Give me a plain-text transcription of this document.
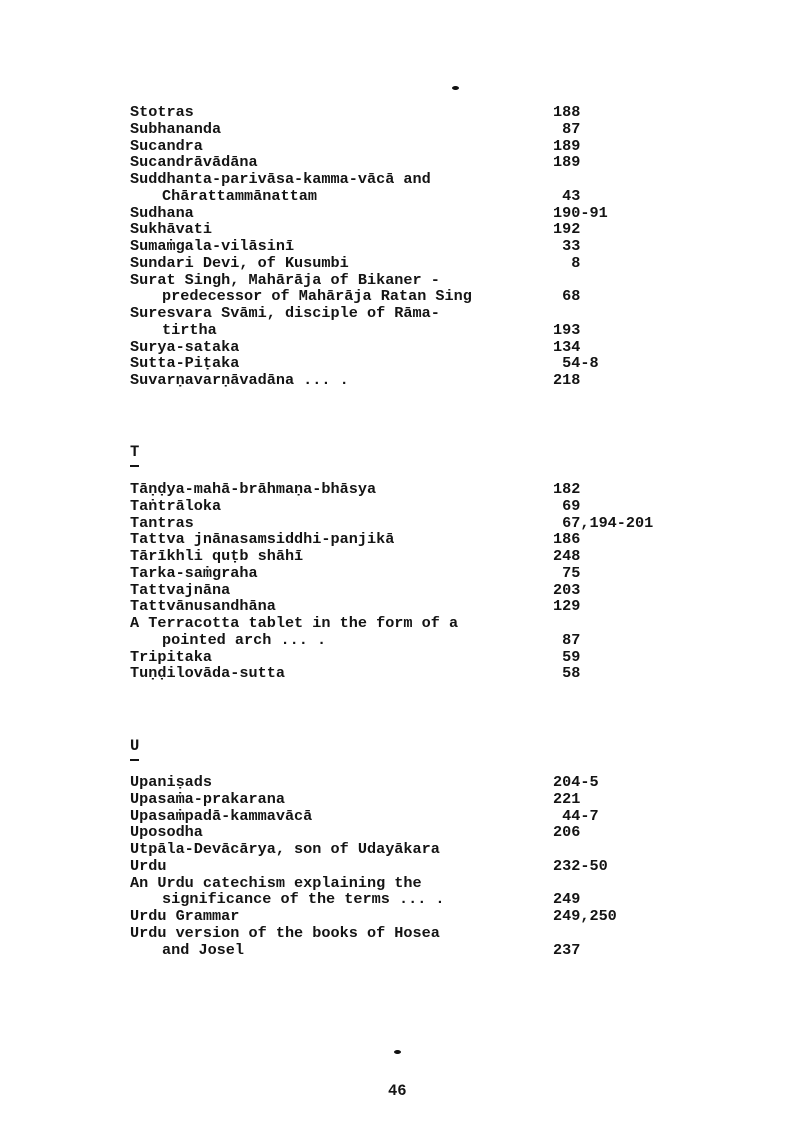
Stotras	188
Subhananda	87
Sucandra	189
Sucandrāvādāna	189
Suddhanta-parivāsa-kamma-vācā and
Chārattammānattam	43
Sudhana	190-91
Sukhāvati	192
Sumaṁgala-vilāsinī	33
Sundari Devi, of Kusumbi	8
Surat Singh, Mahārāja of Bikaner -
predecessor of Mahārāja Ratan Sing	68
Suresvara Svāmi, disciple of Rāma-
tirtha	193
Surya-sataka	134
Sutta-Piṭaka	54-8
Suvarṇavarṇāvadāna ... .	218
T
Tāṇḍya-mahā-brāhmaṇa-bhāsya	182
Taṅtrāloka	69
Tantras	67,194-201
Tattva jnānasamsiddhi-panjikā	186
Tārīkhli quṭb shāhī	248
Tarka-saṁgraha	75
Tattvajnāna	203
Tattvānusandhāna	129
A Terracotta tablet in the form of a
pointed arch ... .	87
Tripitaka	59
Tuṇḍilovāda-sutta	58
U
Upaniṣads	204-5
Upasaṁa-prakarana	221
Upasaṁpadā-kammavācā	44-7
Uposodha	206
Utpāla-Devācārya, son of Udayākara
Urdu	232-50
An Urdu catechism explaining the
significance of the terms ... .	249
Urdu Grammar	249,250
Urdu version of the books of Hosea
and Josel	237
46
